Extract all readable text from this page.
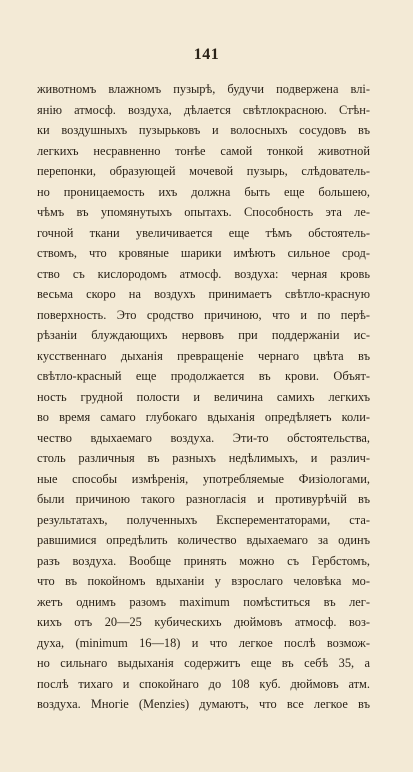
141
животномъ влажномъ пузырѣ, будучи подвержена влі-
янію атмосф. воздуха, дѣлается свѣтлокрасною. Стѣн-
ки воздушныхъ пузырьковъ и волосныхъ сосудовъ въ
легкихъ несравненно тонѣе самой тонкой животной
перепонки, образующей мочевой пузырь, слѣдователь-
но проницаемость ихъ должна быть еще большею,
чѣмъ въ упомянутыхъ опытахъ. Способность эта ле-
гочной ткани увеличивается еще тѣмъ обстоятель-
ствомъ, что кровяные шарики имѣютъ сильное срод-
ство съ кислородомъ атмосф. воздуха: черная кровь
весьма скоро на воздухъ принимаетъ свѣтло-красную
поверхность. Это сродство причиною, что и по перѣ-
рѣзаніи блуждающихъ нервовъ при поддержаніи ис-
кусственнаго дыханія превращеніе чернаго цвѣта въ
свѣтло-красный еще продолжается въ крови. Объят-
ность грудной полости и величина самихъ легкихъ
во время самаго глубокаго вдыханія опредѣляетъ коли-
чество вдыхаемаго воздуха. Эти-то обстоятельства,
столь различныя въ разныхъ недѣлимыхъ, и различ-
ные способы измѣренія, употребляемые Физіологами,
были причиною такого разногласія и противурѣчій въ
результатахъ, полученныхъ Експерементаторами, ста-
равшимися опредѣлить количество вдыхаемаго за одинъ
разъ воздуха. Вообще принять можно съ Гербстомъ,
что въ покойномъ вдыханіи у взрослаго человѣка мо-
жетъ однимъ разомъ maximum помѣститься въ лег-
кихъ отъ 20—25 кубическихъ дюймовъ атмосф. воз-
духа, (minimum 16—18) и что легкое послѣ возмож-
но сильнаго выдыханія содержитъ еще въ себѣ 35, а
послѣ тихаго и спокойнаго до 108 куб. дюймовъ атм.
воздуха. Многіе (Menzies) думаютъ, что все легкое въ
